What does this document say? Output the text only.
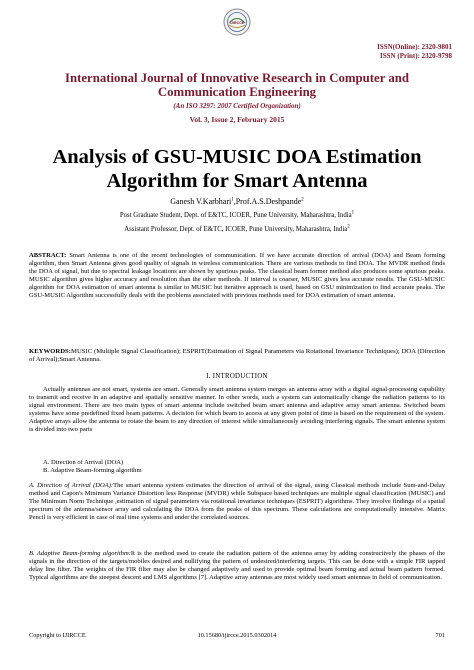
IJIRCCE
ISSN(Online): 2320-9801
ISSN (Print): 2320-9798
International Journal of Innovative Research in Computer and Communication Engineering
(An ISO 3297: 2007 Certified Organization)
Vol. 3, Issue 2, February 2015
Analysis of GSU-MUSIC DOA Estimation Algorithm for Smart Antenna
Ganesh V.Karbhari$^1$,Prof.A.S.Deshpande$^2$
Post Graduate Student, Dept. of E&TC, ICOER, Pune University, Maharashtra, India$^1$
Assistant Professor, Dept. of E&TC, ICOER, Pune University, Maharashtra, India$^2$
ABSTRACT: Smart Antenna is one of the recent technologies of communication. If we have accurate direction of arrival (DOA) and Beam forming algorithm, then Smart Antenna gives good quality of signals in wireless communication. There are various methods to find DOA. The MVDR method finds the DOA of signal, but due to spectral leakage locations are shown by spurious peaks. The classical beam former method also produces some spurious peaks. MUSIC algorithm gives higher accuracy and resolution than the other methods. If interval is coarser, MUSIC gives less accurate results. The GSU-MUSIC algorithm for DOA estimation of smart antenna is similar to MUSIC but iterative approach is used, based on GSU minimization to find accurate peaks. The GSU-MUSIC Algorithm successfully deals with the problems associated with previous methods used for DOA estimation of smart antenna.
KEYWORDS:MUSIC (Multiple Signal Classification); ESPRIT(Estimation of Signal Parameters via Rotational Invariance Techniques); DOA (Direction of Arrival);Smart Antenna.
I. INTRODUCTION
Actually antennas are not smart, systems are smart. Generally smart antenna system merges an antenna array with a digital signal-processing capability to transmit and receive in an adaptive and spatially sensitive manner. In other words, such a system can automatically change the radiation patterns to its signal environment. There are two main types of smart antenna include switched beam smart antenna and adaptive array smart antenna. Switched beam systems have some predefined fixed beam patterns. A decision for which beam to access at any given point of time is based on the requirement of the system. Adaptive arrays allow the antenna to rotate the beam to any direction of interest while simultaneously avoiding interfering signals. The smart antenna system is divided into two parts
A. Direction of Arrival (DOA)
B. Adaptive Beam-forming algorithm
A. Direction of Arrival (DOA):The smart antenna system estimates the direction of arrival of the signal, using Classical methods include Sum-and-Delay method and Capon's Minimum Variance Distortion less Response (MVDR) while Subspace based techniques are multiple signal classification (MUSIC) and The Minimum Norm Technique ,estimation of signal parameters via rotational invariance techniques (ESPRIT) algorithms. They involve findings of a spatial spectrum of the antenna/sensor array and calculating the DOA from the peaks of this spectrum. These calculations are computationally intensive. Matrix Pencil is very efficient in case of real time systems and under the correlated sources.
B. Adaptive Beam-forming algorithm:It is the method used to create the radiation pattern of the antenna array by adding constructively the phases of the signals in the direction of the targets/mobiles desired and nullifying the pattern of undesired/interfering targets. This can be done with a simple FIR tapped delay line filter. The weights of the FIR filter may also be changed adaptively and used to provide optimal beam forming and actual beam pattern formed. Typical algorithms are the steepest descent and LMS algorithms [7]. Adaptive array antennas are most widely used smart antennas in field of communication.
Copyright to IJIRCCE	10.15680/ijircce.2015.0302014	701
